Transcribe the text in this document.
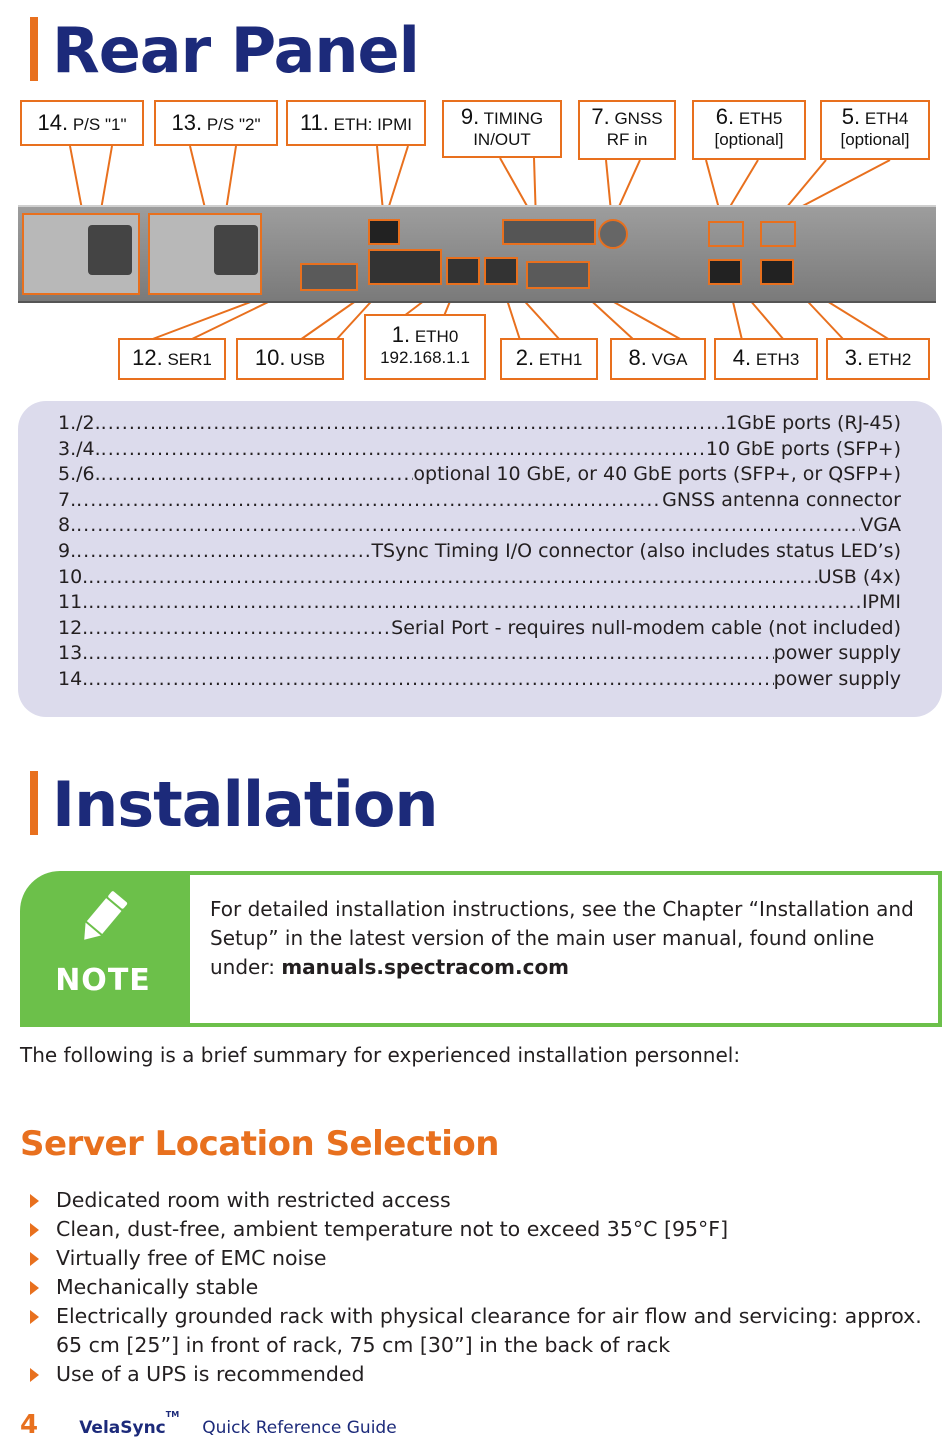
Rear Panel
14. P/S "1"	13. P/S "2"	11. ETH: IPMI	9. TIMING
IN/OUT
7. GNSS
RF in
6. ETH5
[optional]
5. ETH4
[optional]
12. SER1	10. USB
1. ETH0
192.168.1.1	2. ETH1	8. VGA	4. ETH3	3. ETH2
1./2. .....	1GbE ports (RJ-45)
3./4. .....	10 GbE ports (SFP+)
5./6. .....	optional 10 GbE, or 40 GbE ports (SFP+, or QSFP+)
7. .....	GNSS antenna connector
8. .....	VGA
9. .....	TSync Timing I/O connector (also includes status LED’s)
10. .....	USB (4x)
11. .....	IPMI
12. .....	Serial Port - requires null-modem cable (not included)
13. .....	power supply
14. .....	power supply
Installation
NOTE
For detailed installation instructions, see the Chapter “Installation and Setup” in the latest version of the main user manual, found online under: manuals.spectracom.com
The following is a brief summary for experienced installation personnel:
Server Location Selection
Dedicated room with restricted access
Clean, dust-free, ambient temperature not to exceed 35°C [95°F]
Virtually free of EMC noise
Mechanically stable
Electrically grounded rack with physical clearance for air flow and servicing: approx. 65 cm [25”] in front of rack, 75 cm [30”] in the back of rack
Use of a UPS is recommended
4 VelaSync™ Quick Reference Guide
